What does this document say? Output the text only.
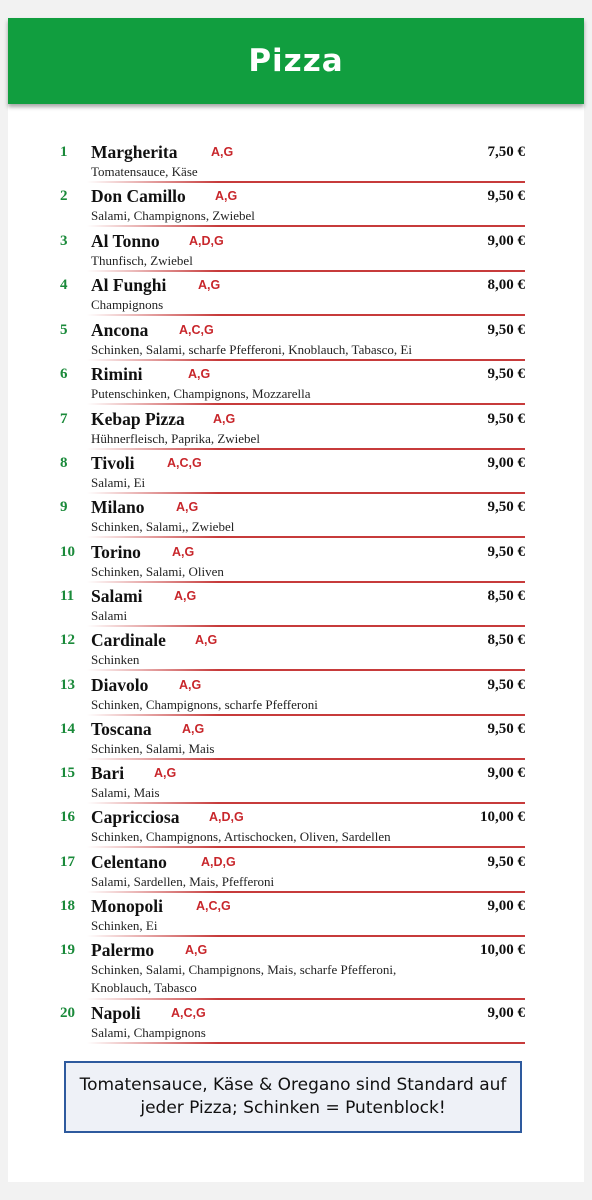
Pizza
1	Margherita	A,G	7,50 €
Tomatensauce, Käse
2	Don Camillo A,G	9,50 €
Salami, Champignons, Zwiebel
3	Al Tonno A,D,G	9,00 €
Thunfisch, Zwiebel
4	Al Funghi	A,G	8,00 €
Champignons
5	Ancona A,C,G	9,50 €
Schinken, Salami, scharfe Pfefferoni, Knoblauch, Tabasco, Ei
6	Rimini	A,G	9,50 €
Putenschinken, Champignons, Mozzarella
7	Kebap Pizza A,G	9,50 €
Hühnerfleisch, Paprika, Zwiebel
8	Tivoli	A,C,G	9,00 €
Salami, Ei
9	Milano	A,G	9,50 €
Schinken, Salami,, Zwiebel
10 Torino A,G	9,50 €
Schinken, Salami, Oliven
11 Salami	A,G	8,50 €
Salami
12 Cardinale A,G	8,50 €
Schinken
13 Diavolo A,G	9,50 €
Schinken, Champignons, scharfe Pfefferoni
14 Toscana A,G	9,50 €
Schinken, Salami, Mais
15 Bari A,G	9,00 €
Salami, Mais
16 Capricciosa A,D,G	10,00 €
Schinken, Champignons, Artischocken, Oliven, Sardellen
17 Celentano	A,D,G	9,50 €
Salami, Sardellen, Mais, Pfefferoni
18 Monopoli	A,C,G	9,00 €
Schinken, Ei
19 Palermo A,G	10,00 €
Schinken, Salami, Champignons, Mais, scharfe Pfefferoni, Knoblauch, Tabasco
20 Napoli A,C,G	9,00 €
Salami, Champignons
Tomatensauce, Käse & Oregano sind Standard auf jeder Pizza; Schinken = Putenblock!
